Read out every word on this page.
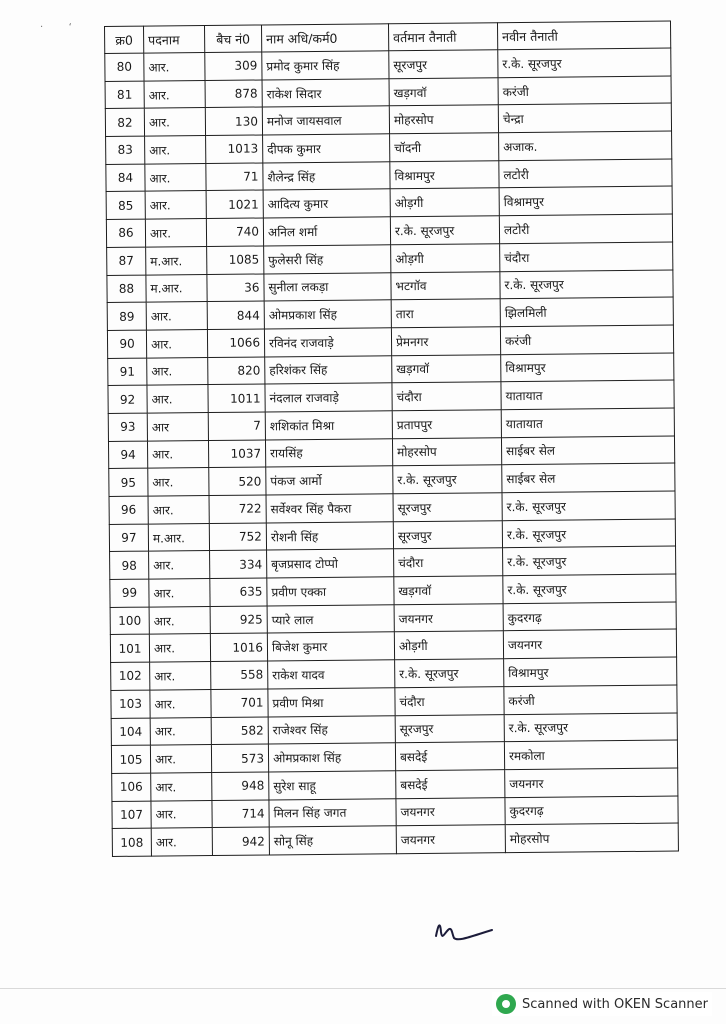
·        ‘
क्र0	पदनाम	बैच नं0	नाम अधि/कर्म0	वर्तमान तैनाती	नवीन तैनाती
80	आर.	309	प्रमोद कुमार सिंह	सूरजपुर	र.के. सूरजपुर
81	आर.	878	राकेश सिदार	खड़गवॉ	करंजी
82	आर.	130	मनोज जायसवाल	मोहरसोप	चेन्द्रा
83	आर.	1013	दीपक कुमार	चॉदनी	अजाक.
84	आर.	71	शैलेन्द्र सिंह	विश्रामपुर	लटोरी
85	आर.	1021	आदित्य कुमार	ओड़गी	विश्रामपुर
86	आर.	740	अनिल शर्मा	र.के. सूरजपुर	लटोरी
87	म.आर.	1085	फुलेसरी सिंह	ओड़गी	चंदौरा
88	म.आर.	36	सुनीला लकड़ा	भटगॉव	र.के. सूरजपुर
89	आर.	844	ओमप्रकाश सिंह	तारा	झिलमिली
90	आर.	1066	रविनंद राजवाड़े	प्रेमनगर	करंजी
91	आर.	820	हरिशंकर सिंह	खड़गवॉ	विश्रामपुर
92	आर.	1011	नंदलाल राजवाड़े	चंदौरा	यातायात
93	आर	7	शशिकांत मिश्रा	प्रतापपुर	यातायात
94	आर.	1037	रायसिंह	मोहरसोप	साईबर सेल
95	आर.	520	पंकज आर्मो	र.के. सूरजपुर	साईबर सेल
96	आर.	722	सर्वेश्वर सिंह पैकरा	सूरजपुर	र.के. सूरजपुर
97	म.आर.	752	रोशनी सिंह	सूरजपुर	र.के. सूरजपुर
98	आर.	334	बृजप्रसाद टोप्पो	चंदौरा	र.के. सूरजपुर
99	आर.	635	प्रवीण एक्का	खड़गवॉ	र.के. सूरजपुर
100	आर.	925	प्यारे लाल	जयनगर	कुदरगढ़
101	आर.	1016	बिजेश कुमार	ओड़गी	जयनगर
102	आर.	558	राकेश यादव	र.के. सूरजपुर	विश्रामपुर
103	आर.	701	प्रवीण मिश्रा	चंदौरा	करंजी
104	आर.	582	राजेश्वर सिंह	सूरजपुर	र.के. सूरजपुर
105	आर.	573	ओमप्रकाश सिंह	बसदेई	रमकोला
106	आर.	948	सुरेश साहू	बसदेई	जयनगर
107	आर.	714	मिलन सिंह जगत	जयनगर	कुदरगढ़
108	आर.	942	सोनू सिंह	जयनगर	मोहरसोप
Scanned with OKEN Scanner
